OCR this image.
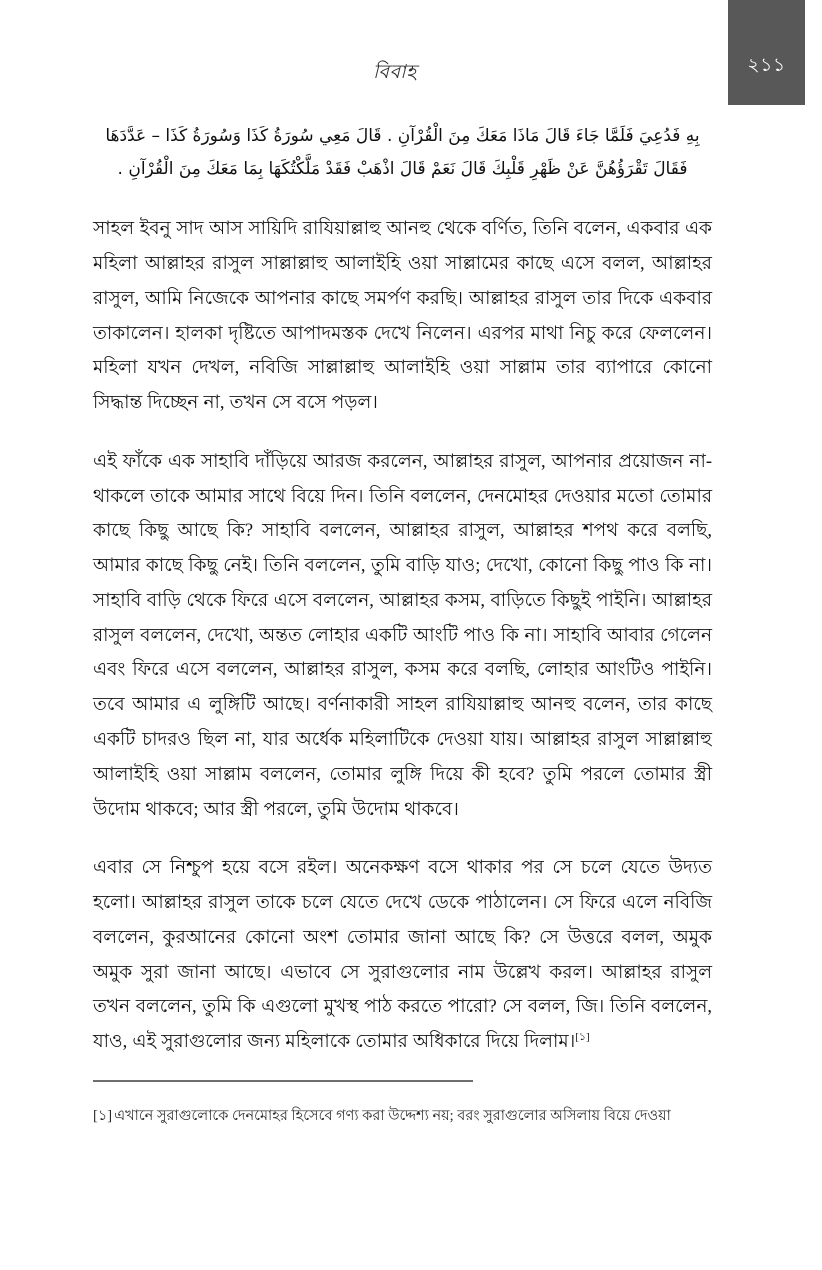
বিবাহ	২১১
بِهِ فَدُعِيَ فَلَمَّا جَاءَ قَالَ مَاذَا مَعَكَ مِنَ الْقُرْآنِ . قَالَ مَعِي سُورَةُ كَذَا وَسُورَةُ كَذَا – عَدَّدَهَا
فَقَالَ تَقْرَؤُهُنَّ عَنْ ظَهْرِ قَلْبِكَ قَالَ نَعَمْ قَالَ اذْهَبْ فَقَدْ مَلَّكْتُكَهَا بِمَا مَعَكَ مِنَ الْقُرْآنِ .

সাহল ইবনু সাদ আস সায়িদি রাযিয়াল্লাহু আনহু থেকে বর্ণিত, তিনি বলেন, একবার এক মহিলা আল্লাহর রাসুল সাল্লাল্লাহু আলাইহি ওয়া সাল্লামের কাছে এসে বলল, আল্লাহর রাসুল, আমি নিজেকে আপনার কাছে সমর্পণ করছি। আল্লাহর রাসুল তার দিকে একবার তাকালেন। হালকা দৃষ্টিতে আপাদমস্তক দেখে নিলেন। এরপর মাথা নিচু করে ফেললেন। মহিলা যখন দেখল, নবিজি সাল্লাল্লাহু আলাইহি ওয়া সাল্লাম তার ব্যাপারে কোনো সিদ্ধান্ত দিচ্ছেন না, তখন সে বসে পড়ল।

এই ফাঁকে এক সাহাবি দাঁড়িয়ে আরজ করলেন, আল্লাহর রাসুল, আপনার প্রয়োজন না-থাকলে তাকে আমার সাথে বিয়ে দিন। তিনি বললেন, দেনমোহর দেওয়ার মতো তোমার কাছে কিছু আছে কি? সাহাবি বললেন, আল্লাহর রাসুল, আল্লাহর শপথ করে বলছি, আমার কাছে কিছু নেই। তিনি বললেন, তুমি বাড়ি যাও; দেখো, কোনো কিছু পাও কি না। সাহাবি বাড়ি থেকে ফিরে এসে বললেন, আল্লাহর কসম, বাড়িতে কিছুই পাইনি। আল্লাহর রাসুল বললেন, দেখো, অন্তত লোহার একটি আংটি পাও কি না। সাহাবি আবার গেলেন এবং ফিরে এসে বললেন, আল্লাহর রাসুল, কসম করে বলছি, লোহার আংটিও পাইনি। তবে আমার এ লুঙ্গিটি আছে। বর্ণনাকারী সাহল রাযিয়াল্লাহু আনহু বলেন, তার কাছে একটি চাদরও ছিল না, যার অর্ধেক মহিলাটিকে দেওয়া যায়। আল্লাহর রাসুল সাল্লাল্লাহু আলাইহি ওয়া সাল্লাম বললেন, তোমার লুঙ্গি দিয়ে কী হবে? তুমি পরলে তোমার স্ত্রী উদোম থাকবে; আর স্ত্রী পরলে, তুমি উদোম থাকবে।

এবার সে নিশ্চুপ হয়ে বসে রইল। অনেকক্ষণ বসে থাকার পর সে চলে যেতে উদ্যত হলো। আল্লাহর রাসুল তাকে চলে যেতে দেখে ডেকে পাঠালেন। সে ফিরে এলে নবিজি বললেন, কুরআনের কোনো অংশ তোমার জানা আছে কি? সে উত্তরে বলল, অমুক অমুক সুরা জানা আছে। এভাবে সে সুরাগুলোর নাম উল্লেখ করল। আল্লাহর রাসুল তখন বললেন, তুমি কি এগুলো মুখস্থ পাঠ করতে পারো? সে বলল, জি। তিনি বললেন, যাও, এই সুরাগুলোর জন্য মহিলাকে তোমার অধিকারে দিয়ে দিলাম।[১]

[১] এখানে সুরাগুলোকে দেনমোহর হিসেবে গণ্য করা উদ্দেশ্য নয়; বরং সুরাগুলোর অসিলায় বিয়ে দেওয়া
